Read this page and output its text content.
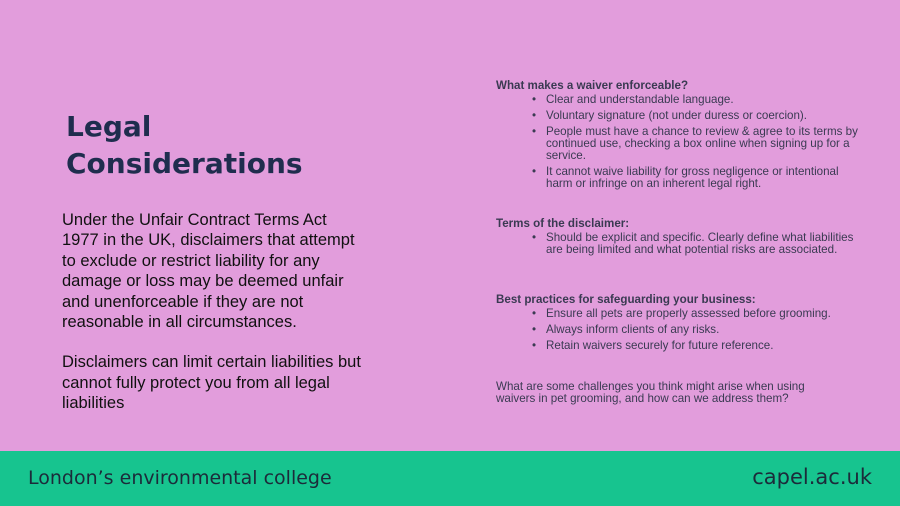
Legal
Considerations

Under the Unfair Contract Terms Act 1977 in the UK, disclaimers that attempt to exclude or restrict liability for any damage or loss may be deemed unfair and unenforceable if they are not reasonable in all circumstances.

Disclaimers can limit certain liabilities but cannot fully protect you from all legal liabilities

What makes a waiver enforceable?

• Clear and understandable language.
• Voluntary signature (not under duress or coercion).
• People must have a chance to review & agree to its terms by continued use, checking a box online when signing up for a service.
• It cannot waive liability for gross negligence or intentional harm or infringe on an inherent legal right.

Terms of the disclaimer:

• Should be explicit and specific. Clearly define what liabilities are being limited and what potential risks are associated.

Best practices for safeguarding your business:

• Ensure all pets are properly assessed before grooming.
• Always inform clients of any risks.
• Retain waivers securely for future reference.

What are some challenges you think might arise when using waivers in pet grooming, and how can we address them?

London’s environmental college	capel.ac.uk
